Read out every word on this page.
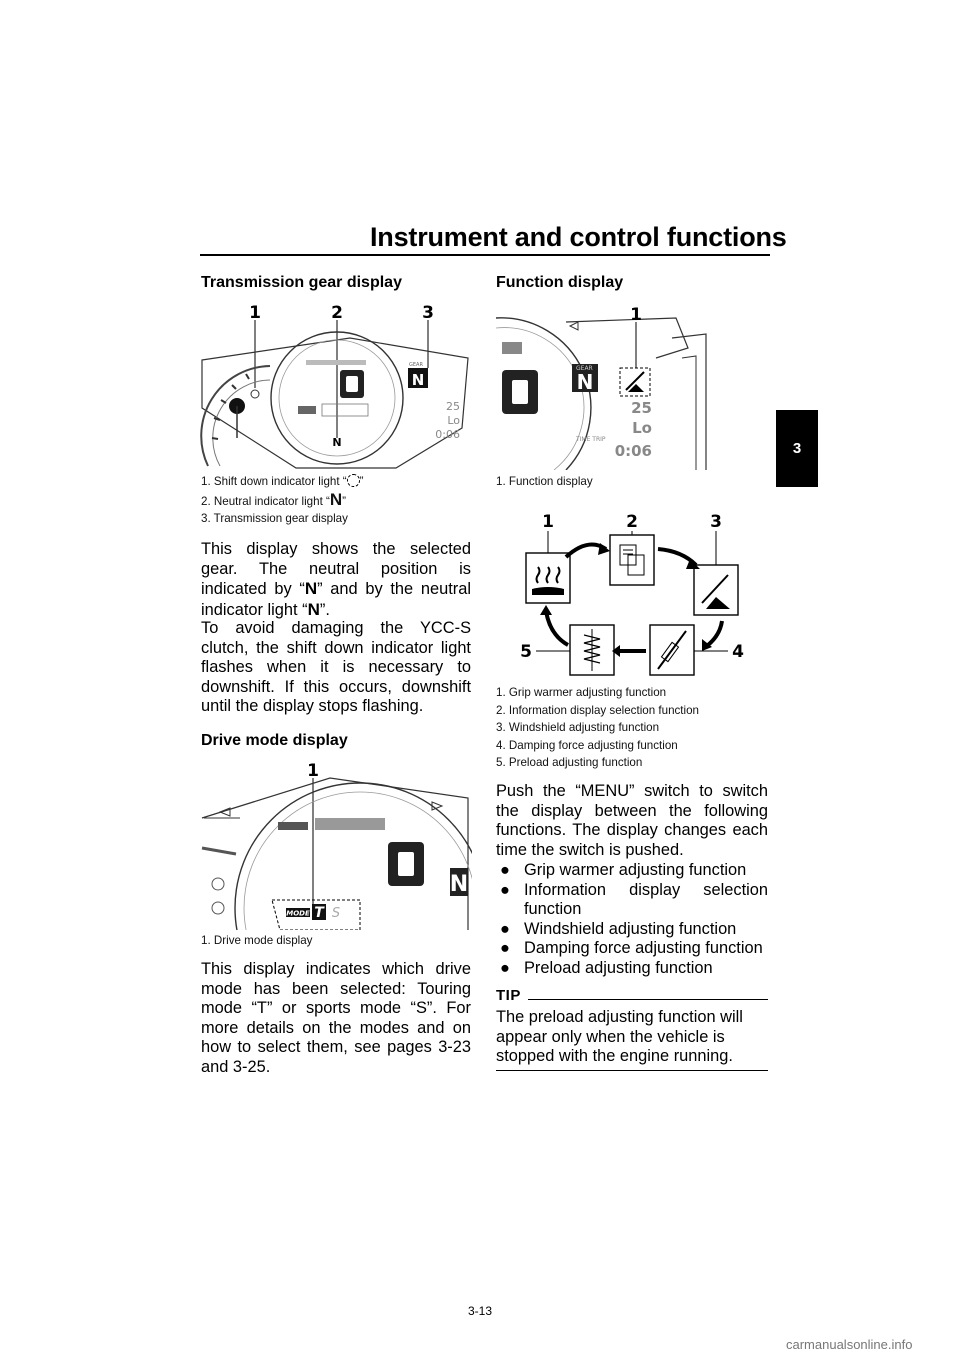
Instrument and control functions
3
Transmission gear display
N
N
GEAR
25
Lo
0:06
1	2	3
1. Shift down indicator light “ ”
2. Neutral indicator light “N”
3. Transmission gear display
This display shows the selected gear. The neutral position is indicated by “N” and by the neutral indicator light “N”.
To avoid damaging the YCC-S clutch, the shift down indicator light flashes when it is necessary to downshift. If this occurs, downshift until the display stops flashing.
Drive mode display
N
MODE T S
1
1. Drive mode display
This display indicates which drive mode has been selected: Touring mode “T” or sports mode “S”. For more details on the modes and on how to select them, see pages 3-23 and 3-25.
Function display
GEAR
N
25
Lo
TIME TRIP
0:06
1
1. Function display
1	2	3
4
5
1. Grip warmer adjusting function
2. Information display selection function
3. Windshield adjusting function
4. Damping force adjusting function
5. Preload adjusting function
Push the “MENU” switch to switch the display between the following functions. The display changes each time the switch is pushed.
● Grip warmer adjusting function
● Information display selection function
● Windshield adjusting function
● Damping force adjusting function
● Preload adjusting function
TIP
The preload adjusting function will appear only when the vehicle is stopped with the engine running.
3-13
carmanualsonline.info
